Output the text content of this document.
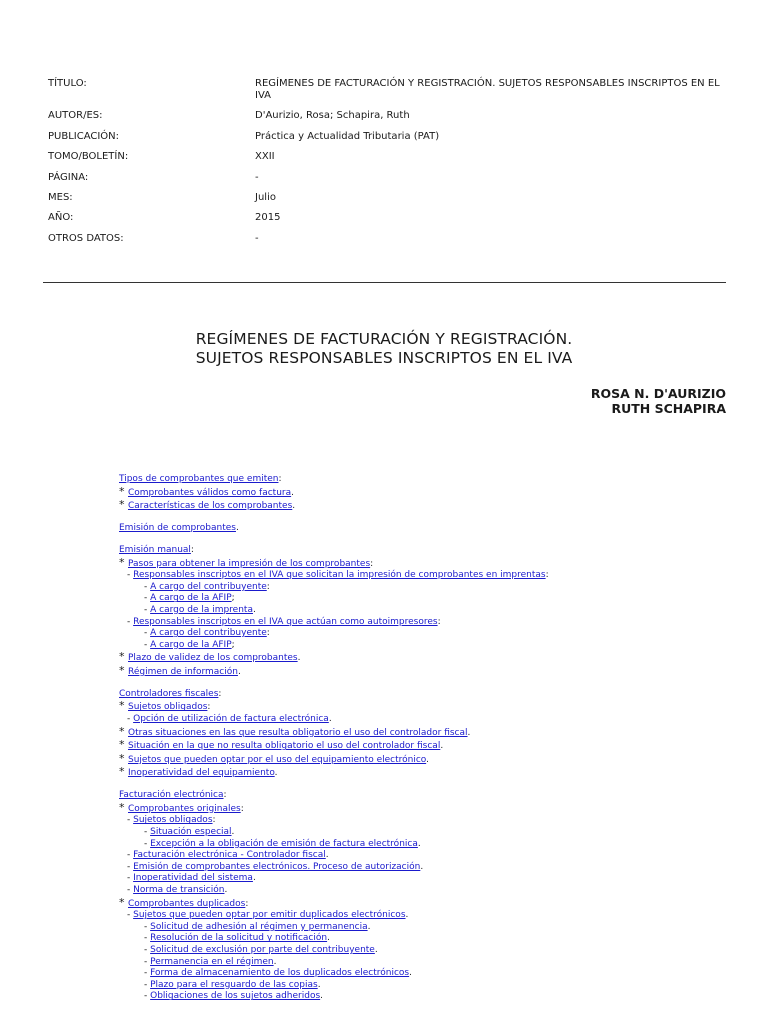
TÍTULO:	REGÍMENES DE FACTURACIÓN Y REGISTRACIÓN. SUJETOS RESPONSABLES INSCRIPTOS EN EL IVA
AUTOR/ES:	D'Aurizio, Rosa; Schapira, Ruth
PUBLICACIÓN:	Práctica y Actualidad Tributaria (PAT)
TOMO/BOLETÍN:	XXII
PÁGINA:	-
MES:	Julio
AÑO:	2015
OTROS DATOS:	-
REGÍMENES DE FACTURACIÓN Y REGISTRACIÓN.
SUJETOS RESPONSABLES INSCRIPTOS EN EL IVA
ROSA N. D'AURIZIO
RUTH SCHAPIRA
Tipos de comprobantes que emiten:
* Comprobantes válidos como factura.
* Características de los comprobantes.
Emisión de comprobantes.
Emisión manual:
* Pasos para obtener la impresión de los comprobantes:
- Responsables inscriptos en el IVA que solicitan la impresión de comprobantes en imprentas:
- A cargo del contribuyente:
- A cargo de la AFIP;
- A cargo de la imprenta.
- Responsables inscriptos en el IVA que actúan como autoimpresores:
- A cargo del contribuyente:
- A cargo de la AFIP;
* Plazo de validez de los comprobantes.
* Régimen de información.
Controladores fiscales:
* Sujetos obligados:
- Opción de utilización de factura electrónica.
* Otras situaciones en las que resulta obligatorio el uso del controlador fiscal.
* Situación en la que no resulta obligatorio el uso del controlador fiscal.
* Sujetos que pueden optar por el uso del equipamiento electrónico.
* Inoperatividad del equipamiento.
Facturación electrónica:
* Comprobantes originales:
- Sujetos obligados:
- Situación especial.
- Excepción a la obligación de emisión de factura electrónica.
- Facturación electrónica - Controlador fiscal.
- Emisión de comprobantes electrónicos. Proceso de autorización.
- Inoperatividad del sistema.
- Norma de transición.
* Comprobantes duplicados:
- Sujetos que pueden optar por emitir duplicados electrónicos.
- Solicitud de adhesión al régimen y permanencia.
- Resolución de la solicitud y notificación.
- Solicitud de exclusión por parte del contribuyente.
- Permanencia en el régimen.
- Forma de almacenamiento de los duplicados electrónicos.
- Plazo para el resguardo de las copias.
- Obligaciones de los sujetos adheridos.
